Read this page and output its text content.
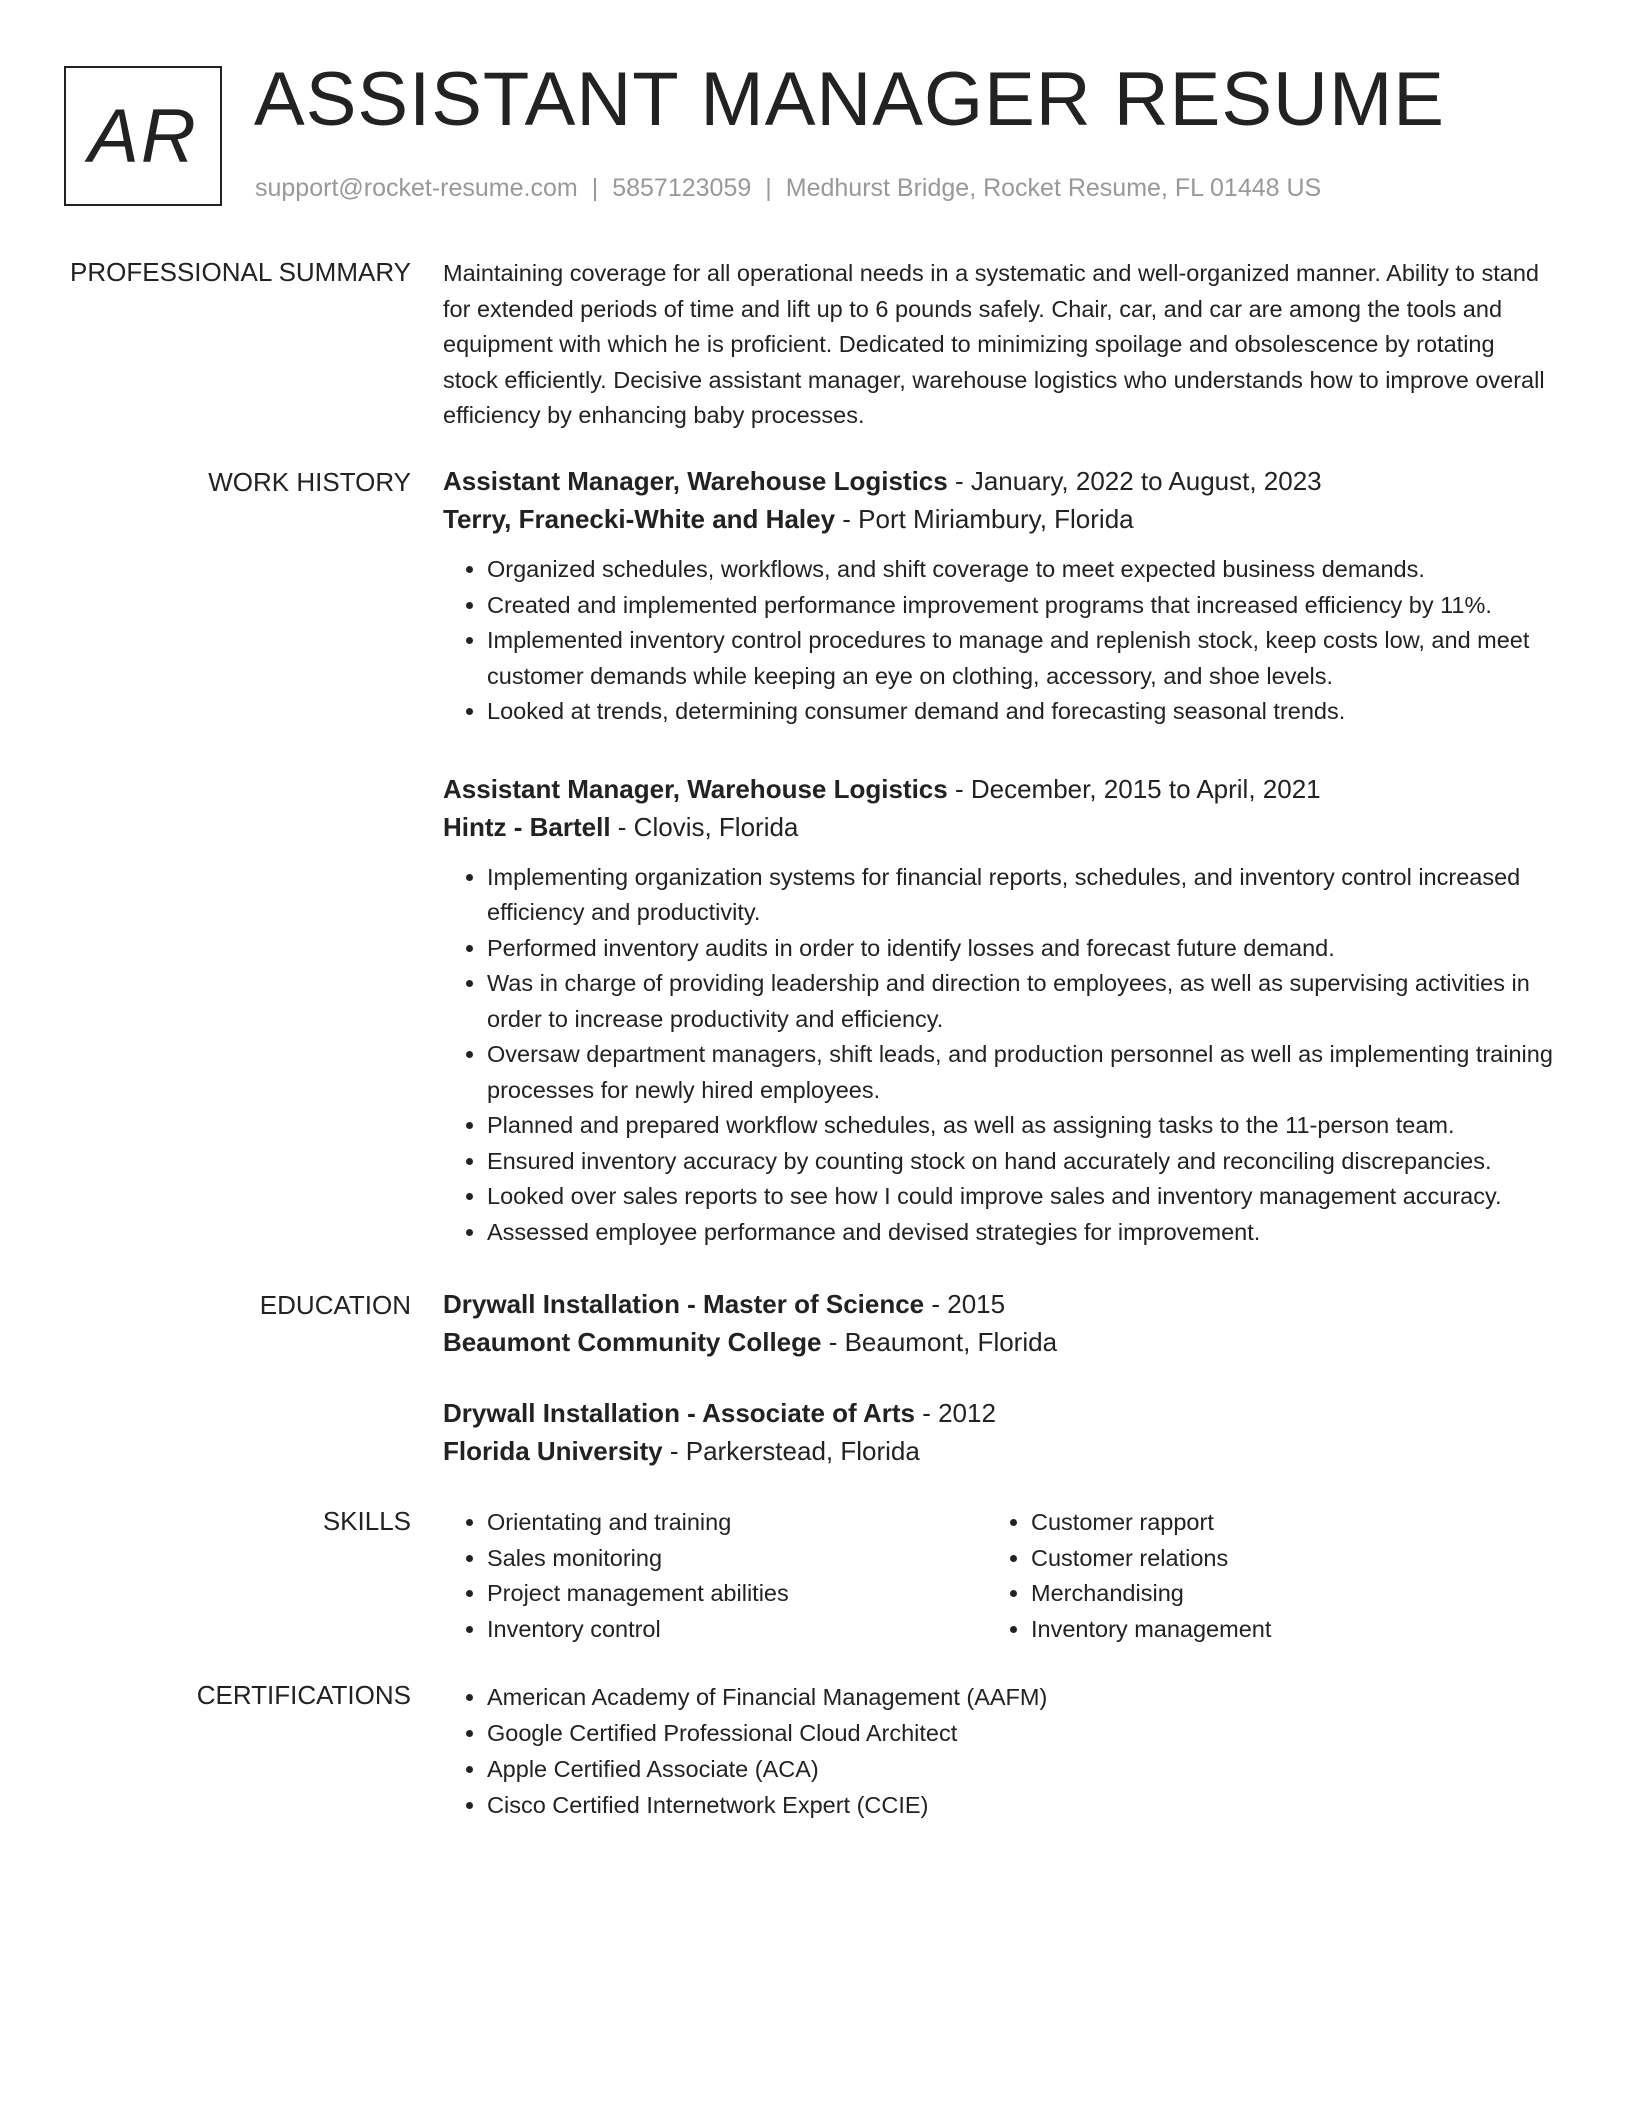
AR ASSISTANT MANAGER RESUME
support@rocket-resume.com | 5857123059 | Medhurst Bridge, Rocket Resume, FL 01448 US
PROFESSIONAL SUMMARY Maintaining coverage for all operational needs in a systematic and well-organized manner. Ability to stand for extended periods of time and lift up to 6 pounds safely. Chair, car, and car are among the tools and equipment with which he is proficient. Dedicated to minimizing spoilage and obsolescence by rotating stock efficiently. Decisive assistant manager, warehouse logistics who understands how to improve overall efficiency by enhancing baby processes.

WORK HISTORY Assistant Manager, Warehouse Logistics - January, 2022 to August, 2023
Terry, Franecki-White and Haley - Port Miriambury, Florida
• Organized schedules, workflows, and shift coverage to meet expected business demands.
• Created and implemented performance improvement programs that increased efficiency by 11%.
• Implemented inventory control procedures to manage and replenish stock, keep costs low, and meet customer demands while keeping an eye on clothing, accessory, and shoe levels.
• Looked at trends, determining consumer demand and forecasting seasonal trends.
Assistant Manager, Warehouse Logistics - December, 2015 to April, 2021
Hintz - Bartell - Clovis, Florida
• Implementing organization systems for financial reports, schedules, and inventory control increased efficiency and productivity.
• Performed inventory audits in order to identify losses and forecast future demand.
• Was in charge of providing leadership and direction to employees, as well as supervising activities in order to increase productivity and efficiency.
• Oversaw department managers, shift leads, and production personnel as well as implementing training processes for newly hired employees.
• Planned and prepared workflow schedules, as well as assigning tasks to the 11-person team.
• Ensured inventory accuracy by counting stock on hand accurately and reconciling discrepancies.
• Looked over sales reports to see how I could improve sales and inventory management accuracy.
• Assessed employee performance and devised strategies for improvement.
EDUCATION Drywall Installation - Master of Science - 2015
Beaumont Community College - Beaumont, Florida
Drywall Installation - Associate of Arts - 2012
Florida University - Parkerstead, Florida
SKILLS	• Orientating and training
• Sales monitoring
• Project management abilities
• Inventory control
• Customer rapport
• Customer relations
• Merchandising
• Inventory management
CERTIFICATIONS	• American Academy of Financial Management (AAFM)
• Google Certified Professional Cloud Architect
• Apple Certified Associate (ACA)
• Cisco Certified Internetwork Expert (CCIE)
